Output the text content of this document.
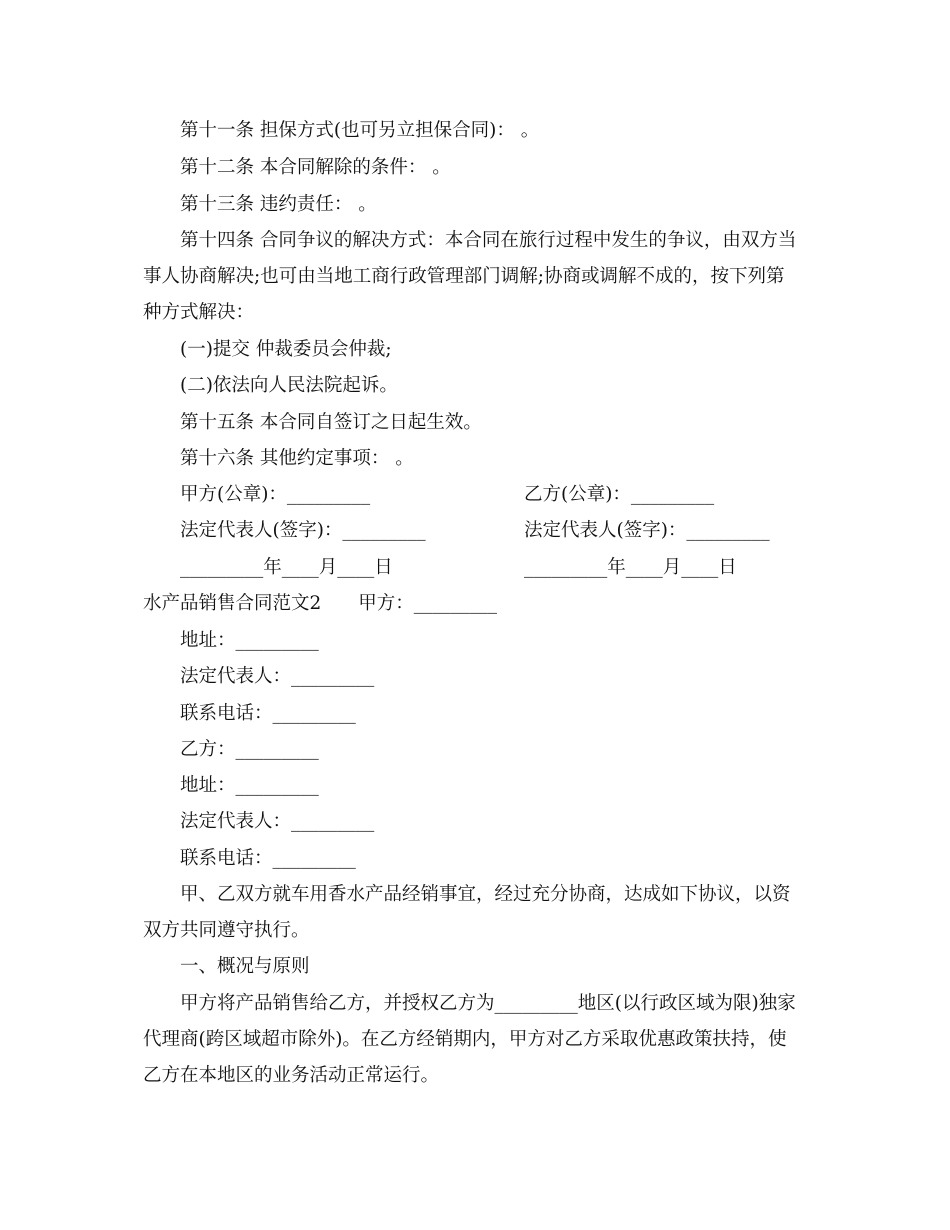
第十一条 担保方式(也可另立担保合同)： 。
第十二条 本合同解除的条件： 。
第十三条 违约责任： 。
第十四条 合同争议的解决方式：本合同在旅行过程中发生的争议，由双方当
事人协商解决;也可由当地工商行政管理部门调解;协商或调解不成的，按下列第
种方式解决：
(一)提交 仲裁委员会仲裁;
(二)依法向人民法院起诉。
第十五条 本合同自签订之日起生效。
第十六条 其他约定事项： 。
甲方(公章)：_________	乙方(公章)：_________
法定代表人(签字)：_________	法定代表人(签字)：_________
_________年____月____日	_________年____月____日
水产品销售合同范文2　　甲方：_________
地址：_________
法定代表人：_________
联系电话：_________
乙方：_________
地址：_________
法定代表人：_________
联系电话：_________
甲、乙双方就车用香水产品经销事宜，经过充分协商，达成如下协议，以资
双方共同遵守执行。
一、概况与原则
甲方将产品销售给乙方，并授权乙方为_________地区(以行政区域为限)独家
代理商(跨区域超市除外)。在乙方经销期内，甲方对乙方采取优惠政策扶持，使
乙方在本地区的业务活动正常运行。
